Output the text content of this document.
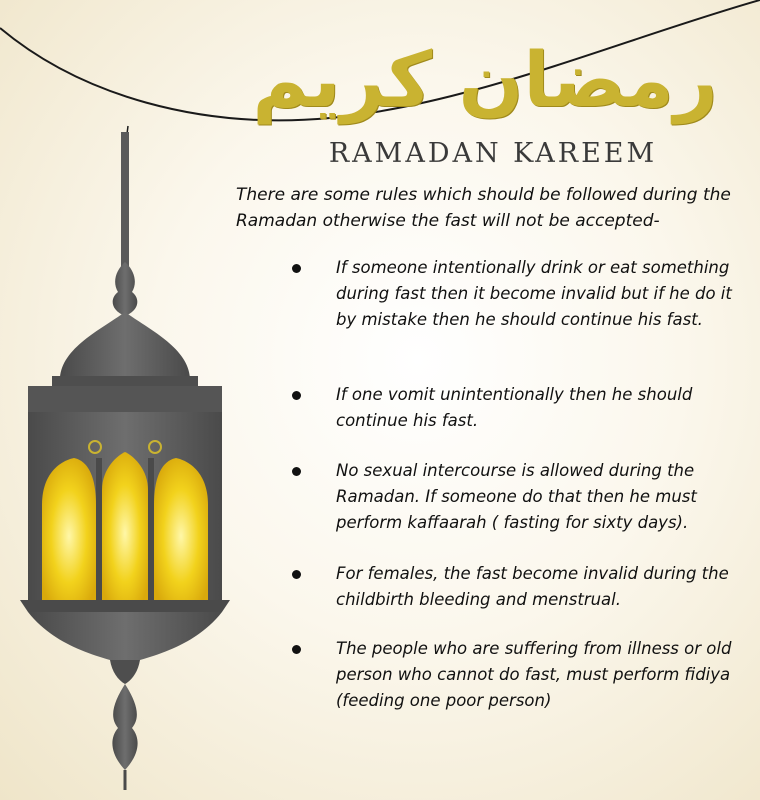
رمضان كريم
RAMADAN KAREEM
There are some rules which should be followed during the Ramadan otherwise the fast will not be accepted-
If someone intentionally drink or eat something during fast then it become invalid but if he do it by mistake then he should continue his fast.
If one vomit unintentionally then he should continue his fast.
No sexual intercourse is allowed during the Ramadan. If someone do that then he must perform kaffaarah ( fasting for sixty days).
For females, the fast become invalid during the childbirth bleeding and menstrual.
The people who are suffering from illness or old person who cannot do fast, must perform fidiya (feeding one poor person)
